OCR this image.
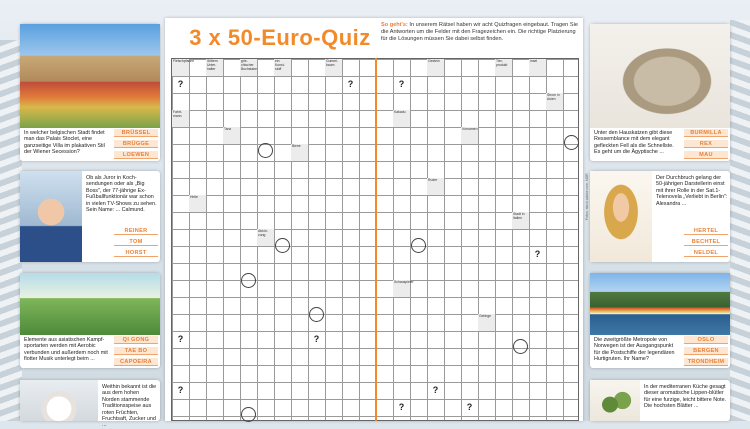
In welcher belgischen Stadt findet man das Palais Stoclet, eine ganzseitige Villa im plakativen Stil der Wiener Secession?
BRÜSSEL
BRÜGGE
LOEWEN
Ob als Juror in Koch-sendungen oder als „Big Boss", der 77-jährige Ex-Fußballfunktionär war schon in vielen TV-Shows zu sehen. Sein Name: ... Calmund.
REINER
TOM
HORST
Elemente aus asiatischen Kampf-sportarten werden mit Aerobic verbunden und außerdem noch mit flotter Musik unterlegt beim ...
QI GONG
TAE BO
CAPOEIRA
Weithin bekannt ist die aus dem hohen Norden stammende Traditionsspeise aus roten Früchten, Fruchtsaft, Zucker und ...
Unter den Hauskatzen gibt diese Ressemblance mit dem elegant gefleckten Fell als die Schnellste. Es geht um die Ägyptische ...
BURMILLA
REX
MAU
Der Durchbruch gelang der 50-jährigen Darstellerin einst mit ihrer Rolle in der Sat.1-Telenovela „Verliebt in Berlin": Alexandra ...
HERTEL
BECHTEL
NELDEL
Die zweitgrößte Metropole von Norwegen ist der Ausgangspunkt für die Postschiffe der legendären Hurtigruten. Ihr Name?
OSLO
BERGEN
TRONDHEIM
In der mediterranen Küche gesagt dieser aromatische Lippen-blütler für eine furzige, leicht bittere Note. Die hochsten Blätter ...
3 x 50-Euro-Quiz	So geht's: In unserem Rätsel haben wir acht Quizfragen eingebaut. Tragen Sie die Antworten um die Felder mit den Fragezeichen ein. Die richtige Platzierung für die Lösungen müssen Sie dabei selbst finden.
Fleischpfanne	Stiftern Unter-halter
grie-chischer Buchstabe
ein Kunst-stoff
Gummi-baum
Fahrt-mann
Tanz
Biene
Hirtle
Abkür-zung
Gestein	Tier-produkt
Insel
Kakadu
Vornamen
Strom in Asien
Ruder
Stadt in Italien
Schauspieler
Gebirge
?	?	?
?
?	?
?	?
?	?
Fotos: stock.adobe.com, NDR
